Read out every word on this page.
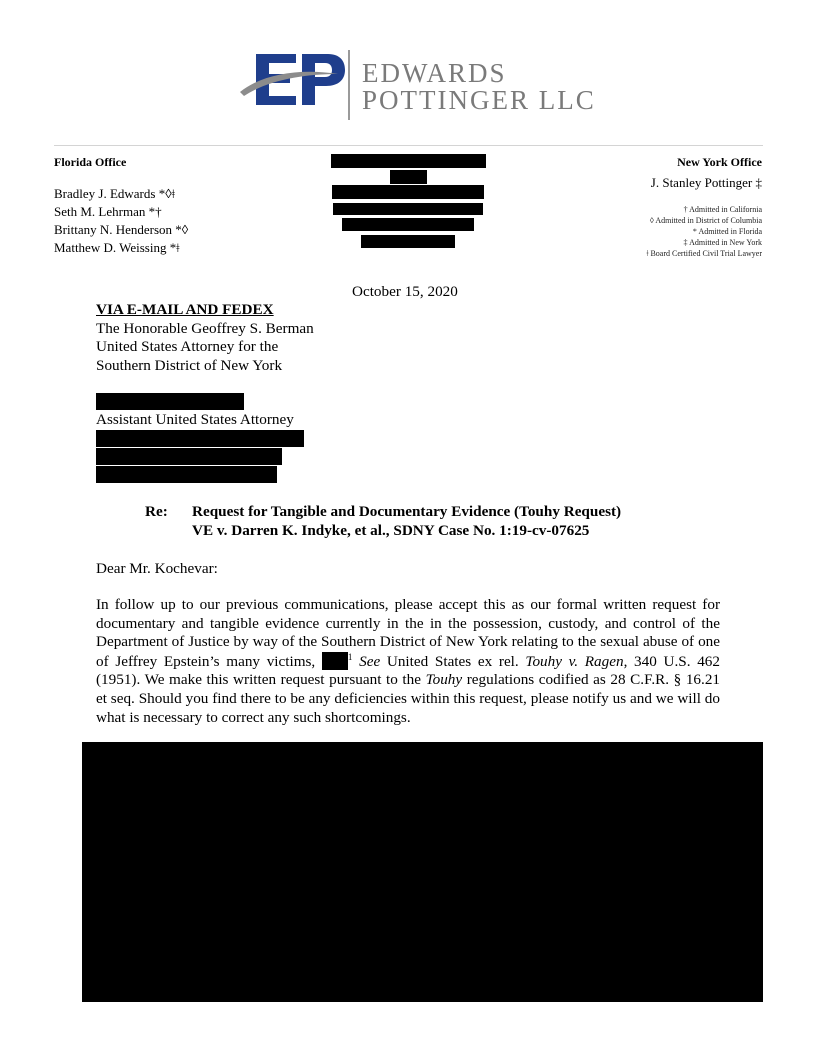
EDWARDS
POTTINGER LLC
Florida Office
Bradley J. Edwards *◊ǂ
Seth M. Lehrman *†
Brittany N. Henderson *◊
Matthew D. Weissing *ǂ
New York Office
J. Stanley Pottinger ‡
† Admitted in California
◊ Admitted in District of Columbia
* Admitted in Florida
‡ Admitted in New York
ǂ Board Certified Civil Trial Lawyer
October 15, 2020
VIA E-MAIL AND FEDEX
The Honorable Geoffrey S. Berman
United States Attorney for the
Southern District of New York
Assistant United States Attorney
Re: Request for Tangible and Documentary Evidence (Touhy Request)
VE v. Darren K. Indyke, et al., SDNY Case No. 1:19-cv-07625
Dear Mr. Kochevar:
In follow up to our previous communications, please accept this as our formal written request for documentary and tangible evidence currently in the in the possession, custody, and control of the Department of Justice by way of the Southern District of New York relating to the sexual abuse of one of Jeffrey Epstein’s many victims,	$^1$ See United States ex rel. Touhy v. Ragen, 340 U.S. 462 (1951). We make this written request pursuant to the Touhy regulations codified as 28 C.F.R. § 16.21 et seq. Should you find there to be any deficiencies within this request, please notify us and we will do what is necessary to correct any such shortcomings.
